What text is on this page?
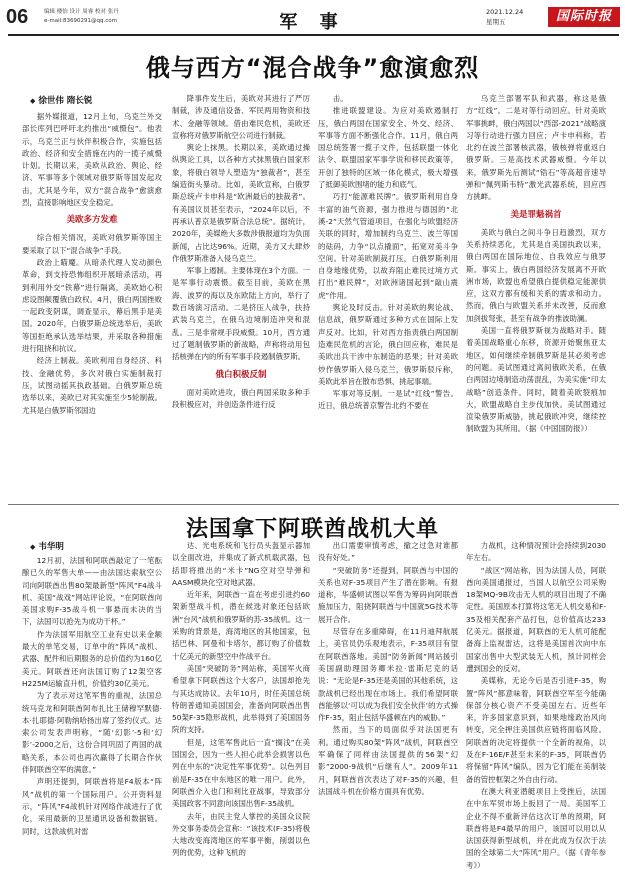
06	编辑 楼怡 设计 周睿 校对 张丹
e-mail:83690291@qq.com	军 事	2021.12.24
星期五	国际时报
俄与西方“混合战争”愈演愈烈
◆ 徐世伟 隋长锐

据外媒报道，12月上旬，乌克兰外交部长库列巴呼吁北约推出“威慑包”。他表示，乌克兰正与伙伴积极合作，实施包括政治、经济和安全措施在内的一揽子威慑计划。长期以来，美欧从政治、舆论、经济、军事等多个领域对俄罗斯等国发起攻击，尤其是今年，双方“混合战争”愈演愈烈，直接影响地区安全稳定。

美欧多方发难

综合相关情况，美欧对俄罗斯等国主要采取了以下“混合战争”手段。

政治上瞄魔。从暗杀代理人发动颜色革命，到支持恐怖组织开展暗杀活动，再到利用外交“铁幕”进行隔离，美欧始心积虑设图颠覆俄白政权。4月，俄白两国挫败一起政变阴谋，调查显示，幕后黑手是美国。2020年，白俄罗斯总统选举后，美欧等国拒绝承认选举结果，并采取各种措施进行阻挠和抗议。

经济上制裁。美欧利用自身经济、科技、金融优势，多次对俄白实施制裁打压，试图动摇其执政基础。白俄罗斯总统选举以来，美欧已对其实施至少5轮制裁。尤其是白俄罗斯邻国边

降事件发生后，美欧对其进行了严厉制裁，涉及通信设备、军民两用物资和技术、金融等领域。借由难民危机，美欧还宣称将对俄罗斯航空公司进行制裁。

舆论上抹黑。长期以来，美欧通过操纵舆论工具，以各种方式抹黑俄白国家形象，将俄白领导人塑造为“独裁者”，甚至编造街头暴动。比如，美欧宣称，白俄罗斯总统卢卡申科是“欧洲最后的独裁者”。有美国议员甚至表示，“2024年以后，不再承认普京是俄罗斯合法总统”。据统计，2020年，美媒绝大多数涉俄报道均为负面新闻，占比达96%。近期，美方又大肆炒作俄罗斯准备入侵乌克兰。

军事上遏制。主要体现在3个方面。一是军事行动震慑。截至目前，美欧在黑海、波罗的海以及东欧陆上方向，举行了数百场演习活动。二是挤压人战争，扶持武装乌克兰，在俄乌边境制造冲突和混乱。三是非常规手段威慑。10月，西方通过了题制俄罗斯的新战略，声称将动用包括核弹在内的所有军事手段遏制俄罗斯。

俄白积极反制

面对美欧进攻，俄白两国采取多种手段积极应对，并创造条件进行反

击。

推进联盟建设。为应对美欧遏制打压，俄白两国在国家安全、外交、经济、军事等方面不断强化合作。11月，俄白两国总统签署一揽子文件，包括联盟一体化法令、联盟国家军事学说和移民政策等，开创了独特的区域一体化模式，极大增强了抵御美欧围堵的能力和底气。

巧打“能源难民牌”。俄罗斯利用自身丰富的油气资源，强力推进与德国的“北溪-2”天然气管道项目，在强化与欧盟经济关联的同时，增加制约乌克兰、波兰等国的砝码，力争“以点撬面”，拓宽对美斗争空间。针对美欧制裁打压，白俄罗斯利用自身地缘优势，以故弃阻止难民过境方式打出“难民牌”，对欧洲诸国起到“敲山震虎”作用。

舆论及时反击。针对美欧的舆论战、信息战，俄罗斯通过多种方式在国际上发声反对。比如，针对西方指责俄白两国制造难民危机的言论，俄白回应称，难民是美欧出兵干涉中东制造的恶果；针对美欧炒作俄罗斯入侵乌克兰，俄罗斯驳斥称，美欧此举旨在散布恐惧、挑起事端。

军事对等反制。一是试“红线”警告。近日，俄总统普京警告北约不要在

乌克兰部署军队和武器，称这是俄方“红线”。二是对等行动回应。针对美欧军事挑衅，俄白两国以“西部-2021”战略演习等行动进行强力回应；卢卡申科称，若北约在波兰部署核武器，俄核弹将重返白俄罗斯。三是高技术武器威慑。今年以来，俄罗斯先后测试“锆石”等高超音速导弹和“佩列斯韦特”激光武器系统，回应西方挑衅。

美是罪魁祸首

美欧与俄白之间斗争日趋激烈，双方关系持续恶化，尤其是自美国执政以来，俄白两国在国际地位、自我效应与俄罗斯。事实上，俄白两国经济发展离不开欧洲市场，欧盟也希望俄白提供稳定能源供应，这双方都有缓和关系的需求和动力。然而，俄白与欧盟关系并未改善，反而愈加剑拔弩张，甚至有战争的推波助澜。

美国一直将俄罗斯视为战略对手。随着美国战略重心东移，资源开始聚焦亚太地区，如何继续牵制俄罗斯是其必须考虑的问题。美试图通过离间俄欧关系，在俄白两国边境制造动荡混乱，为美实施“印太战略”创造条件。同时，随着美欧裂痕加大，欧盟战略自主步伐加快。美试图通过渲染俄罗斯威胁，挑起俄欧冲突，继续控制欧盟为其所用。（据《中国国防报》）

法国拿下阿联酋战机大单
◆ 韦华明

12月初，法国和阿联酋敲定了一笔酝酿已久的军售大单——由法国达索航空公司向阿联酋出售80架最新型“阵风”F4战斗机、美国“战戏”网站评论说，“在阿联酋向美国求购F-35战斗机一事悬而未决的当下，法国可以抢先为成功干杯。”

作为法国军用航空工业有史以来金额最大的单笔交易，订单中的“阵风”战机、武器、配件和后期服务的总价值约为160亿美元。阿联酋还向法国订购了12架空客H225M运输直升机，价值约30亿美元。

为了表示对这笔军售的重视，法国总统马克龙和阿联酋阿布扎比王储穆罕默德·本·扎耶德·阿勒纳哈扬出席了签约仪式。达索公司发表声明称，“随‘幻影’-5和‘幻影’-2000之后，这份合同巩固了两国的战略关系，本公司也再次赢得了长期合作伙伴阿联酋空军的满意。”

声明还提到，阿联酋将是F4版本“阵风”战机的第一个国际用户。公开资料显示，“阵风”F4战机针对网络作战进行了优化，采用最新的卫星通讯设备和数据链。同时，这款战机对雷

达、光电系统和飞行员头盔显示器加以全面改进，并集成了新式机载武器，包括即将推出的“米卡”NG空对空导弹和AASM模块化空对地武器。

近年来，阿联酋一直在考虑引进约60架新型战斗机，潜在候选对象还包括欧洲“台风”战机和俄罗斯的苏-35战机。这一采购的背景是，海湾地区的其他国家，包括巴林、阿曼和卡塔尔，都订购了价值数十亿美元的新型空中作战平台。

美国“突破防务”网站称，美国军火商希望拿下阿联酋这个大客户，法国却抢先与其达成协议。去年10月，时任美国总统特朗普通知美国国会，准备向阿联酋出售50架F-35隐形战机，此举得到了美国国务院的支持。

但是，这笔军售此后一直“搁浅”在美国国会，因为一些人担心此举会损害以色列在中东的“决定性军事优势”。以色列目前是F-35在中东地区的唯一用户。此外，阿联酋介入也门和利比亚战事，导致部分美国政客不同意向该国出售F-35战机。

去年，由民主党人掌控的美国众议院外交事务委员会宣称：“该技术(F-35)将极大地改变海湾地区的军事平衡，削弱以色列的优势，这种飞机的

出口需要审慎考虑，撤之过急对谁都没有好处。”

“突破防务”还提到，阿联酋与中国的关系也对F-35项目产生了潜在影响。有报道称，华盛顿试图以军售为筹码向阿联酋施加压力，阻挠阿联酋与中国就5G技术等展开合作。

尽管存在多重障碍，在11月迪拜航展上，美官员仍乐观地表示，F-35项目有望在阿联酋落地。美国“防务新闻”网站援引美国副助理国务卿米拉·雷斯尼克的话说：“无论是F-35还是美国的其他系统，这款战机已经出现在市场上。我们希望阿联酋能够以‘可以成为我们安全伙伴’的方式操作F-35，阻止包括华盛顿在内的威胁。”

然而，当下的局面似乎对法国更有利。通过购买80架“阵风”战机，阿联酋空军确保了同样由法国提供的56架“幻影”2000-9战机“后继有人”。2009年11月，阿联酋首次表达了对F-35的兴趣，但法国战斗机在价格方面具有优势。

力战机，这种情况预计会持续到2030年左右。

“战区”网站称，因为法国人员，阿联酋向美国通报过，当国人以航空公司采购18架MQ-9B攻击无人机的项目出现了不确定性。美国原本打算将这笔无人机交易和F-35及相关配套产品打包，总价值高达233亿美元。据报道，阿联酋的无人机可能配备海上监视雷达，这将是美国首次向中东国家出售中大型武装无人机，预计同样会遭到国会的反对。

美媒称，无论今后是否引进F-35，购置“阵风”都意味着，阿联酋空军至今能确保部分核心资产不受美国左右。近些年来，许多国家意识到，如果地缘政治风向转变，完全押注美国供应链将面临风险。阿联酋的决定将提供一个全新的视角，以及在F-16E/F甚至未来的F-35，阿联酋仍将保留“阵风”编队，因为它们能在美制装备的管控框架之外自由行动。

在澳大利亚潜艇项目上受挫后，法国在中东军贸市场上扳回了一局。美国军工企业不得不重新评估这次订单的预期，阿联酋将是F4最早的用户，该国可以用以从法国获得新型战机，并在此成为仅次于法国的全球第二大“阵风”用户。（据《青年参考》）
